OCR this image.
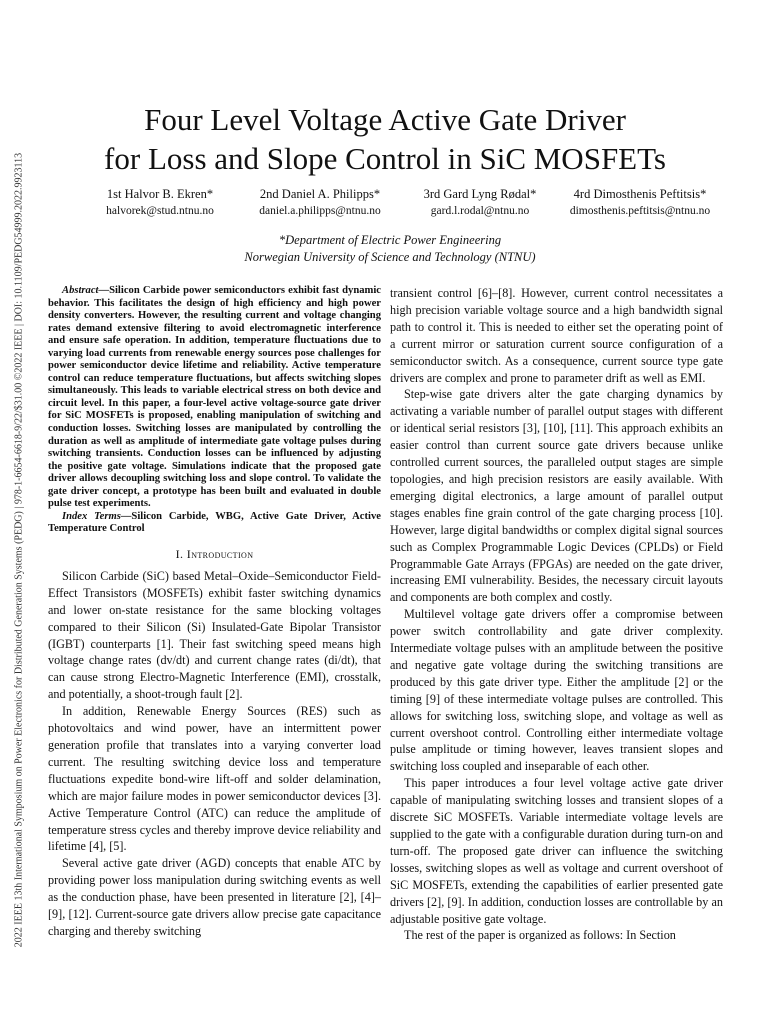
2022 IEEE 13th International Symposium on Power Electronics for Distributed Generation Systems (PEDG) | 978-1-6654-6618-9/22/$31.00 ©2022 IEEE | DOI: 10.1109/PEDG54999.2022.9923113
Four Level Voltage Active Gate Driver
for Loss and Slope Control in SiC MOSFETs
1st Halvor B. Ekren*
halvorek@stud.ntnu.no
2nd Daniel A. Philipps*
daniel.a.philipps@ntnu.no
3rd Gard Lyng Rødal*
gard.l.rodal@ntnu.no
4rd Dimosthenis Peftitsis*
dimosthenis.peftitsis@ntnu.no
*Department of Electric Power Engineering
Norwegian University of Science and Technology (NTNU)

Abstract—Silicon Carbide power semiconductors exhibit fast dynamic behavior. This facilitates the design of high efficiency and high power density converters. However, the resulting current and voltage changing rates demand extensive filtering to avoid electromagnetic interference and ensure safe operation. In addition, temperature fluctuations due to varying load currents from renewable energy sources pose challenges for power semiconductor device lifetime and reliability. Active temperature control can reduce temperature fluctuations, but affects switching slopes simultaneously. This leads to variable electrical stress on both device and circuit level. In this paper, a four-level active voltage-source gate driver for SiC MOSFETs is proposed, enabling manipulation of switching and conduction losses. Switching losses are manipulated by controlling the duration as well as amplitude of intermediate gate voltage pulses during switching transients. Conduction losses can be influenced by adjusting the positive gate voltage. Simulations indicate that the proposed gate driver allows decoupling switching loss and slope control. To validate the gate driver concept, a prototype has been built and evaluated in double pulse test experiments.

Index Terms—Silicon Carbide, WBG, Active Gate Driver, Active Temperature Control

I. Introduction

Silicon Carbide (SiC) based Metal–Oxide–Semiconductor Field-Effect Transistors (MOSFETs) exhibit faster switching dynamics and lower on-state resistance for the same blocking voltages compared to their Silicon (Si) Insulated-Gate Bipolar Transistor (IGBT) counterparts [1]. Their fast switching speed means high voltage change rates (dv/dt) and current change rates (di/dt), that can cause strong Electro-Magnetic Interference (EMI), crosstalk, and potentially, a shoot-trough fault [2].

In addition, Renewable Energy Sources (RES) such as photovoltaics and wind power, have an intermittent power generation profile that translates into a varying converter load current. The resulting switching device loss and temperature fluctuations expedite bond-wire lift-off and solder delamination, which are major failure modes in power semiconductor devices [3]. Active Temperature Control (ATC) can reduce the amplitude of temperature stress cycles and thereby improve device reliability and lifetime [4], [5].

Several active gate driver (AGD) concepts that enable ATC by providing power loss manipulation during switching events as well as the conduction phase, have been presented in literature [2], [4]–[9], [12]. Current-source gate drivers allow precise gate capacitance charging and thereby switching

transient control [6]–[8]. However, current control necessitates a high precision variable voltage source and a high bandwidth signal path to control it. This is needed to either set the operating point of a current mirror or saturation current source configuration of a semiconductor switch. As a consequence, current source type gate drivers are complex and prone to parameter drift as well as EMI.

Step-wise gate drivers alter the gate charging dynamics by activating a variable number of parallel output stages with different or identical serial resistors [3], [10], [11]. This approach exhibits an easier control than current source gate drivers because unlike controlled current sources, the paralleled output stages are simple topologies, and high precision resistors are easily available. With emerging digital electronics, a large amount of parallel output stages enables fine grain control of the gate charging process [10]. However, large digital bandwidths or complex digital signal sources such as Complex Programmable Logic Devices (CPLDs) or Field Programmable Gate Arrays (FPGAs) are needed on the gate driver, increasing EMI vulnerability. Besides, the necessary circuit layouts and components are both complex and costly.

Multilevel voltage gate drivers offer a compromise between power switch controllability and gate driver complexity. Intermediate voltage pulses with an amplitude between the positive and negative gate voltage during the switching transitions are produced by this gate driver type. Either the amplitude [2] or the timing [9] of these intermediate voltage pulses are controlled. This allows for switching loss, switching slope, and voltage as well as current overshoot control. Controlling either intermediate voltage pulse amplitude or timing however, leaves transient slopes and switching loss coupled and inseparable of each other.

This paper introduces a four level voltage active gate driver capable of manipulating switching losses and transient slopes of a discrete SiC MOSFETs. Variable intermediate voltage levels are supplied to the gate with a configurable duration during turn-on and turn-off. The proposed gate driver can influence the switching losses, switching slopes as well as voltage and current overshoot of SiC MOSFETs, extending the capabilities of earlier presented gate drivers [2], [9]. In addition, conduction losses are controllable by an adjustable positive gate voltage.

The rest of the paper is organized as follows: In Section
